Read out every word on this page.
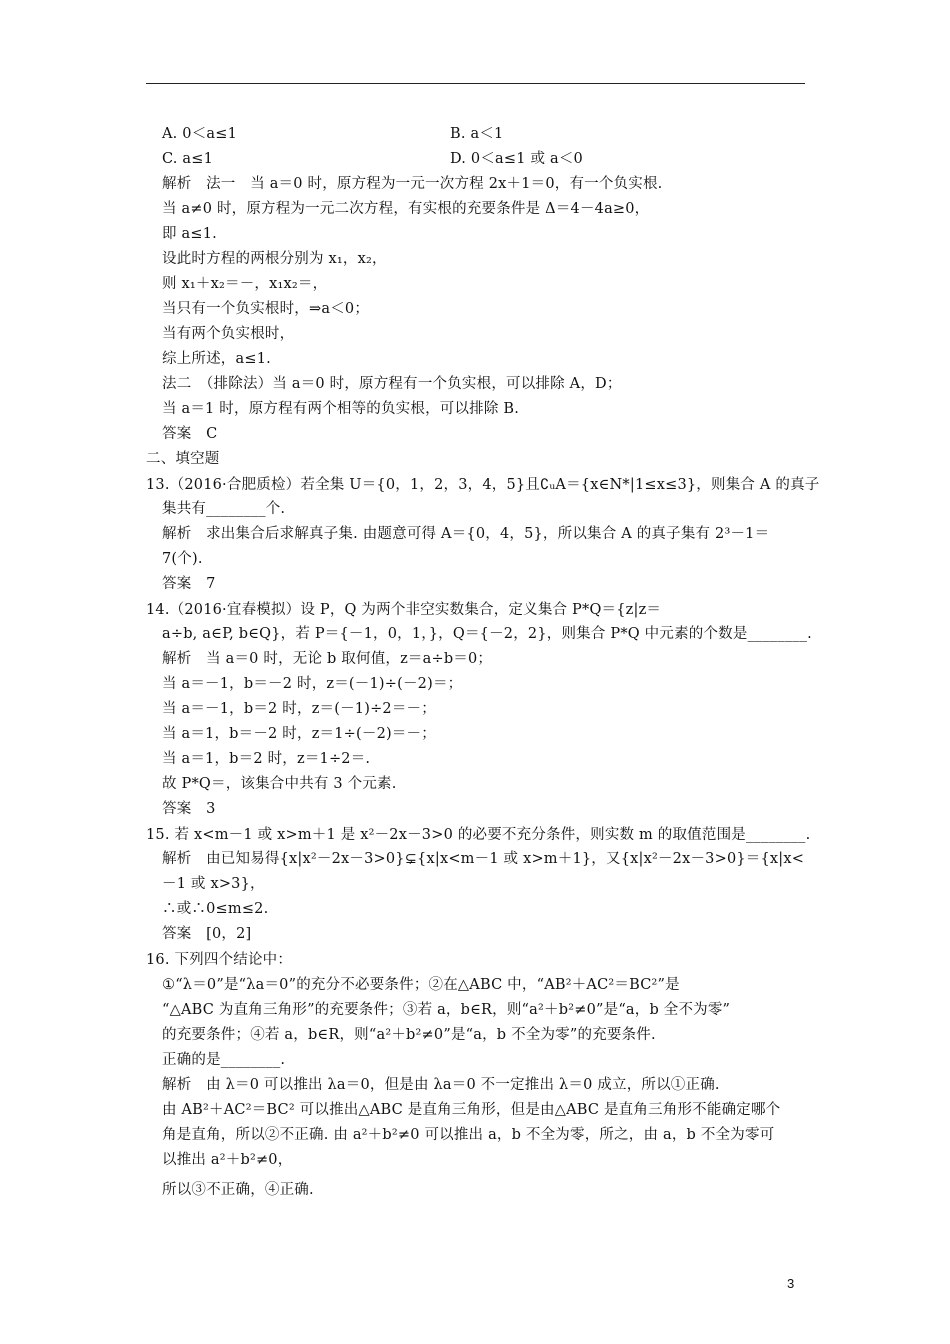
A. 0＜a≤1	B. a＜1
C. a≤1	D. 0＜a≤1 或 a＜0
解析　法一　当 a＝0 时，原方程为一元一次方程 2x＋1＝0，有一个负实根.
当 a≠0 时，原方程为一元二次方程，有实根的充要条件是 Δ＝4－4a≥0，
即 a≤1.
设此时方程的两根分别为 x₁，x₂，
则 x₁＋x₂＝－，x₁x₂＝，
当只有一个负实根时，⇒a＜0；
当有两个负实根时，
综上所述，a≤1.
法二　（排除法）当 a＝0 时，原方程有一个负实根，可以排除 A，D；
当 a＝1 时，原方程有两个相等的负实根，可以排除 B.
答案　C
二、填空题
13.（2016·合肥质检）若全集 U＝{0，1，2，3，4，5}且∁ᵤA＝{x∈N*|1≤x≤3}，则集合 A 的真子
集共有________个.
解析　求出集合后求解真子集. 由题意可得 A＝{0，4，5}，所以集合 A 的真子集有 2³－1＝
7(个).
答案　7
14.（2016·宜春模拟）设 P，Q 为两个非空实数集合，定义集合 P*Q＝{z|z＝
a÷b, a∈P, b∈Q}，若 P＝{－1，0，1，}，Q＝{－2，2}，则集合 P*Q 中元素的个数是________.
解析　当 a＝0 时，无论 b 取何值，z＝a÷b＝0；
当 a＝－1，b＝－2 时，z＝(－1)÷(－2)＝；
当 a＝－1，b＝2 时，z＝(－1)÷2＝－；
当 a＝1，b＝－2 时，z＝1÷(－2)＝－；
当 a＝1，b＝2 时，z＝1÷2＝.
故 P*Q＝，该集合中共有 3 个元素.
答案　3
15. 若 x<m－1 或 x>m＋1 是 x²－2x－3>0 的必要不充分条件，则实数 m 的取值范围是________.
解析　由已知易得{x|x²－2x－3>0}⊊{x|x<m－1 或 x>m＋1}，又{x|x²－2x－3>0}＝{x|x<
－1 或 x>3}，
∴或∴0≤m≤2.
答案　[0，2]
16. 下列四个结论中：
①“λ＝0”是“λa＝0”的充分不必要条件；②在△ABC 中，“AB²＋AC²＝BC²”是
“△ABC 为直角三角形”的充要条件；③若 a，b∈R，则“a²＋b²≠0”是“a，b 全不为零”
的充要条件；④若 a，b∈R，则“a²＋b²≠0”是“a，b 不全为零”的充要条件.
正确的是________.
解析　由 λ＝0 可以推出 λa＝0，但是由 λa＝0 不一定推出 λ＝0 成立，所以①正确.
由 AB²＋AC²＝BC² 可以推出△ABC 是直角三角形，但是由△ABC 是直角三角形不能确定哪个
角是直角，所以②不正确. 由 a²＋b²≠0 可以推出 a，b 不全为零，所之，由 a，b 不全为零可
以推出 a²＋b²≠0，
所以③不正确，④正确.
3
